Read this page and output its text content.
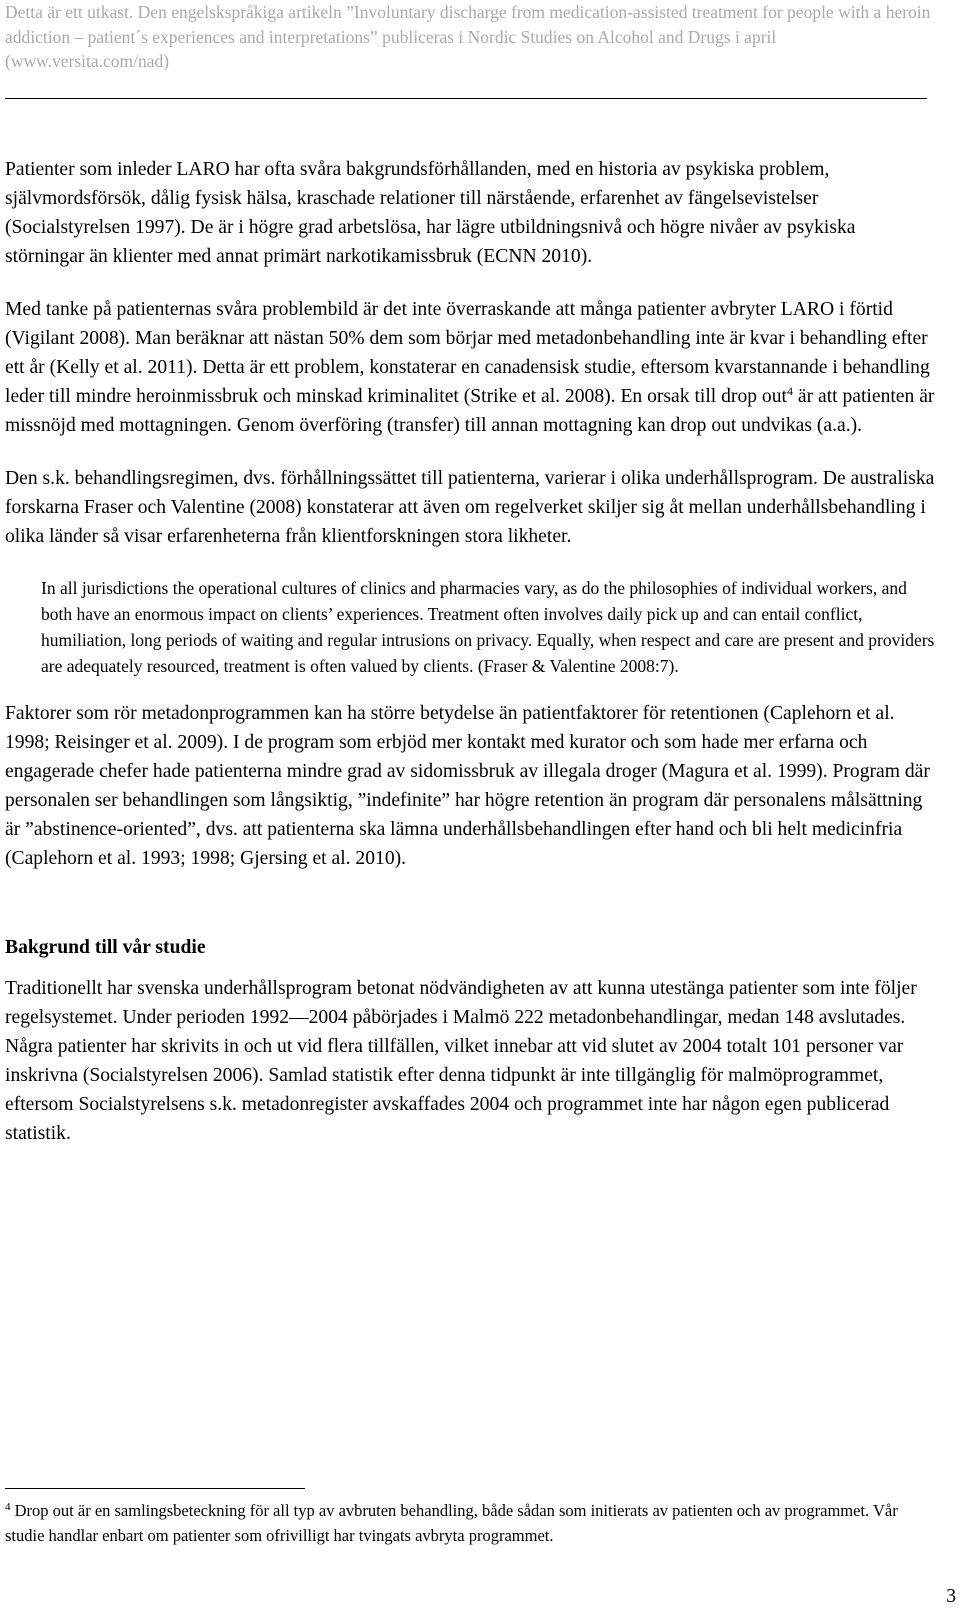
Detta är ett utkast. Den engelskspråkiga artikeln ”Involuntary discharge from medication-assisted treatment for people with a heroin addiction – patient´s experiences and interpretations” publiceras i Nordic Studies on Alcohol and Drugs i april (www.versita.com/nad)

Patienter som inleder LARO har ofta svåra bakgrundsförhållanden, med en historia av psykiska problem, självmordsförsök, dålig fysisk hälsa, kraschade relationer till närstående, erfarenhet av fängelsevistelser (Socialstyrelsen 1997). De är i högre grad arbetslösa, har lägre utbildningsnivå och högre nivåer av psykiska störningar än klienter med annat primärt narkotikamissbruk (ECNN 2010).

Med tanke på patienternas svåra problembild är det inte överraskande att många patienter avbryter LARO i förtid (Vigilant 2008). Man beräknar att nästan 50% dem som börjar med metadonbehandling inte är kvar i behandling efter ett år (Kelly et al. 2011). Detta är ett problem, konstaterar en canadensisk studie, eftersom kvarstannande i behandling leder till mindre heroinmissbruk och minskad kriminalitet (Strike et al. 2008). En orsak till drop out$^4$ är att patienten är missnöjd med mottagningen. Genom överföring (transfer) till annan mottagning kan drop out undvikas (a.a.).

Den s.k. behandlingsregimen, dvs. förhållningssättet till patienterna, varierar i olika underhållsprogram. De australiska forskarna Fraser och Valentine (2008) konstaterar att även om regelverket skiljer sig åt mellan underhållsbehandling i olika länder så visar erfarenheterna från klientforskningen stora likheter.

In all jurisdictions the operational cultures of clinics and pharmacies vary, as do the philosophies of individual workers, and both have an enormous impact on clients’ experiences. Treatment often involves daily pick up and can entail conflict, humiliation, long periods of waiting and regular intrusions on privacy. Equally, when respect and care are present and providers are adequately resourced, treatment is often valued by clients. (Fraser & Valentine 2008:7).

Faktorer som rör metadonprogrammen kan ha större betydelse än patientfaktorer för retentionen (Caplehorn et al. 1998; Reisinger et al. 2009). I de program som erbjöd mer kontakt med kurator och som hade mer erfarna och engagerade chefer hade patienterna mindre grad av sidomissbruk av illegala droger (Magura et al. 1999). Program där personalen ser behandlingen som långsiktig, ”indefinite” har högre retention än program där personalens målsättning är ”abstinence-oriented”, dvs. att patienterna ska lämna underhållsbehandlingen efter hand och bli helt medicinfria (Caplehorn et al. 1993; 1998; Gjersing et al. 2010).

Bakgrund till vår studie

Traditionellt har svenska underhållsprogram betonat nödvändigheten av att kunna utestänga patienter som inte följer regelsystemet. Under perioden 1992—2004 påbörjades i Malmö 222 metadonbehandlingar, medan 148 avslutades. Några patienter har skrivits in och ut vid flera tillfällen, vilket innebar att vid slutet av 2004 totalt 101 personer var inskrivna (Socialstyrelsen 2006). Samlad statistik efter denna tidpunkt är inte tillgänglig för malmöprogrammet, eftersom Socialstyrelsens s.k. metadonregister avskaffades 2004 och programmet inte har någon egen publicerad statistik.

$^4$ Drop out är en samlingsbeteckning för all typ av avbruten behandling, både sådan som initierats av patienten och av programmet. Vår studie handlar enbart om patienter som ofrivilligt har tvingats avbryta programmet.
3
